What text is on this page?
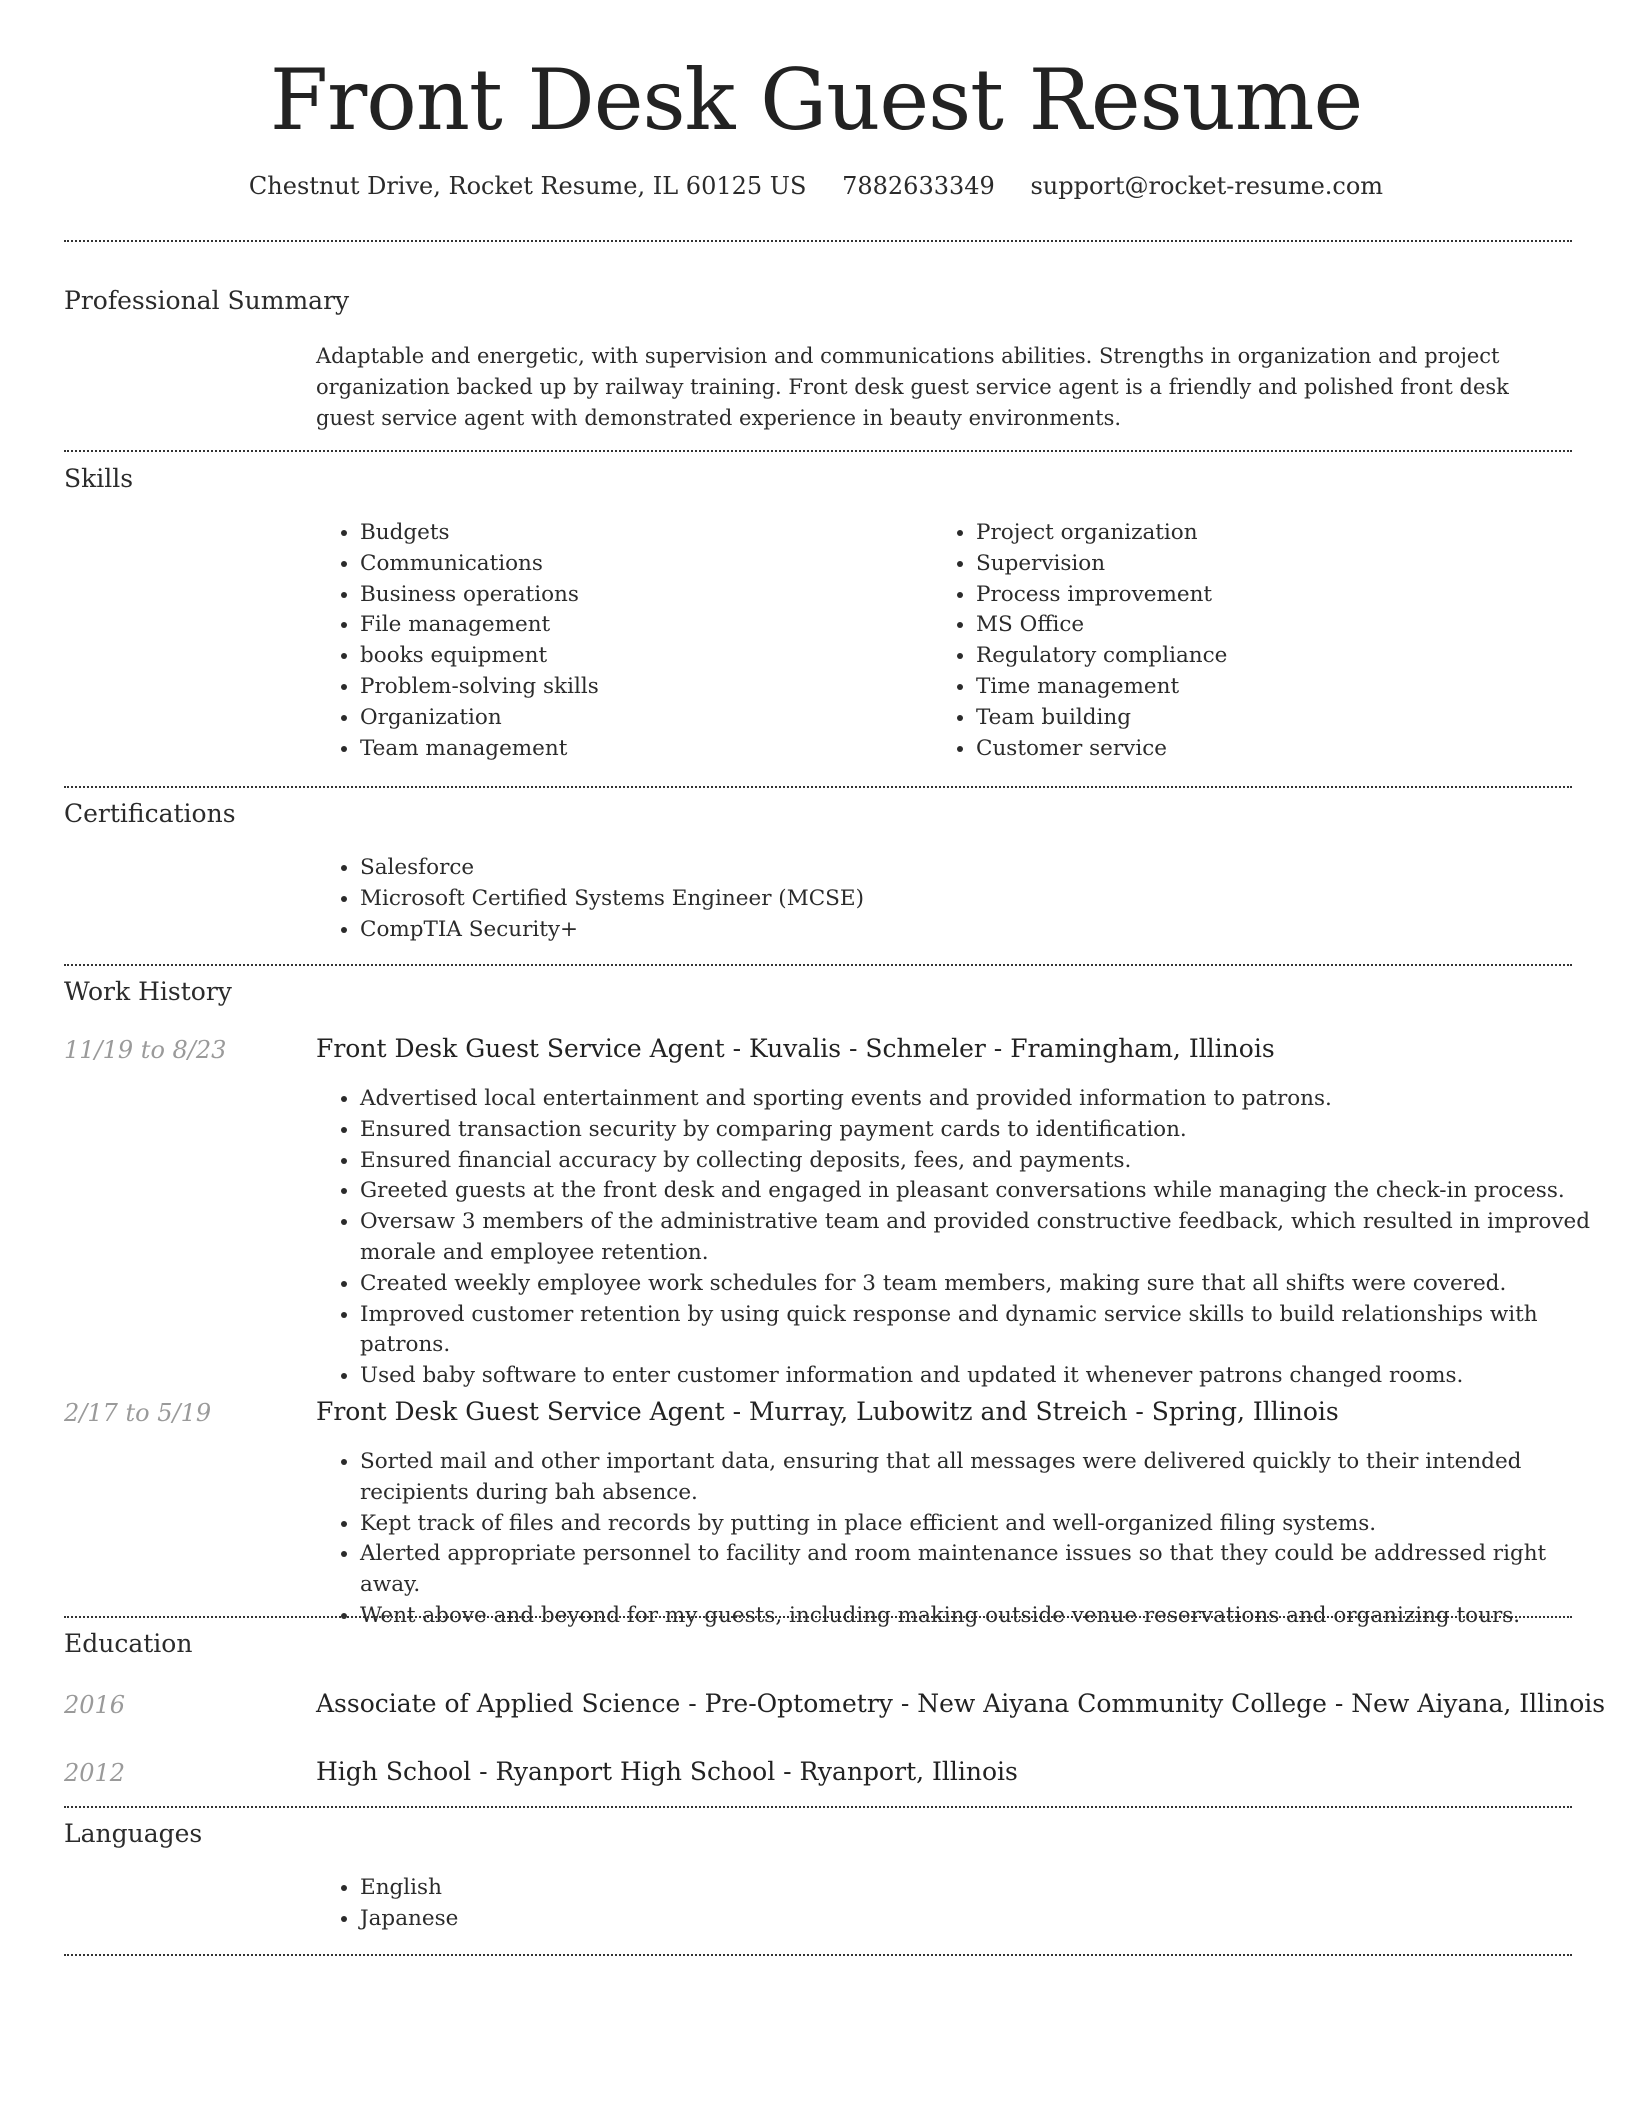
Front Desk Guest Resume
Chestnut Drive, Rocket Resume, IL 60125 US 7882633349 support@rocket-resume.com
Professional Summary
Adaptable and energetic, with supervision and communications abilities. Strengths in organization and project organization backed up by railway training. Front desk guest service agent is a friendly and polished front desk guest service agent with demonstrated experience in beauty environments.
Skills
• Budgets
• Communications
• Business operations
• File management
• books equipment
• Problem-solving skills
• Organization
• Team management
• Project organization
• Supervision
• Process improvement
• MS Office
• Regulatory compliance
• Time management
• Team building
• Customer service
Certifications
• Salesforce
• Microsoft Certified Systems Engineer (MCSE)
• CompTIA Security+
Work History
11/19 to 8/23	Front Desk Guest Service Agent - Kuvalis - Schmeler - Framingham, Illinois
• Advertised local entertainment and sporting events and provided information to patrons.
• Ensured transaction security by comparing payment cards to identification.
• Ensured financial accuracy by collecting deposits, fees, and payments.
• Greeted guests at the front desk and engaged in pleasant conversations while managing the check-in process.
• Oversaw 3 members of the administrative team and provided constructive feedback, which resulted in improved morale and employee retention.
• Created weekly employee work schedules for 3 team members, making sure that all shifts were covered.
• Improved customer retention by using quick response and dynamic service skills to build relationships with patrons.
• Used baby software to enter customer information and updated it whenever patrons changed rooms.
2/17 to 5/19	Front Desk Guest Service Agent - Murray, Lubowitz and Streich - Spring, Illinois
• Sorted mail and other important data, ensuring that all messages were delivered quickly to their intended recipients during bah absence.
• Kept track of files and records by putting in place efficient and well-organized filing systems.
• Alerted appropriate personnel to facility and room maintenance issues so that they could be addressed right away.
• Went above and beyond for my guests, including making outside venue reservations and organizing tours.
Education
2016	Associate of Applied Science - Pre-Optometry - New Aiyana Community College - New Aiyana, Illinois
2012	High School - Ryanport High School - Ryanport, Illinois
Languages
• English
• Japanese
